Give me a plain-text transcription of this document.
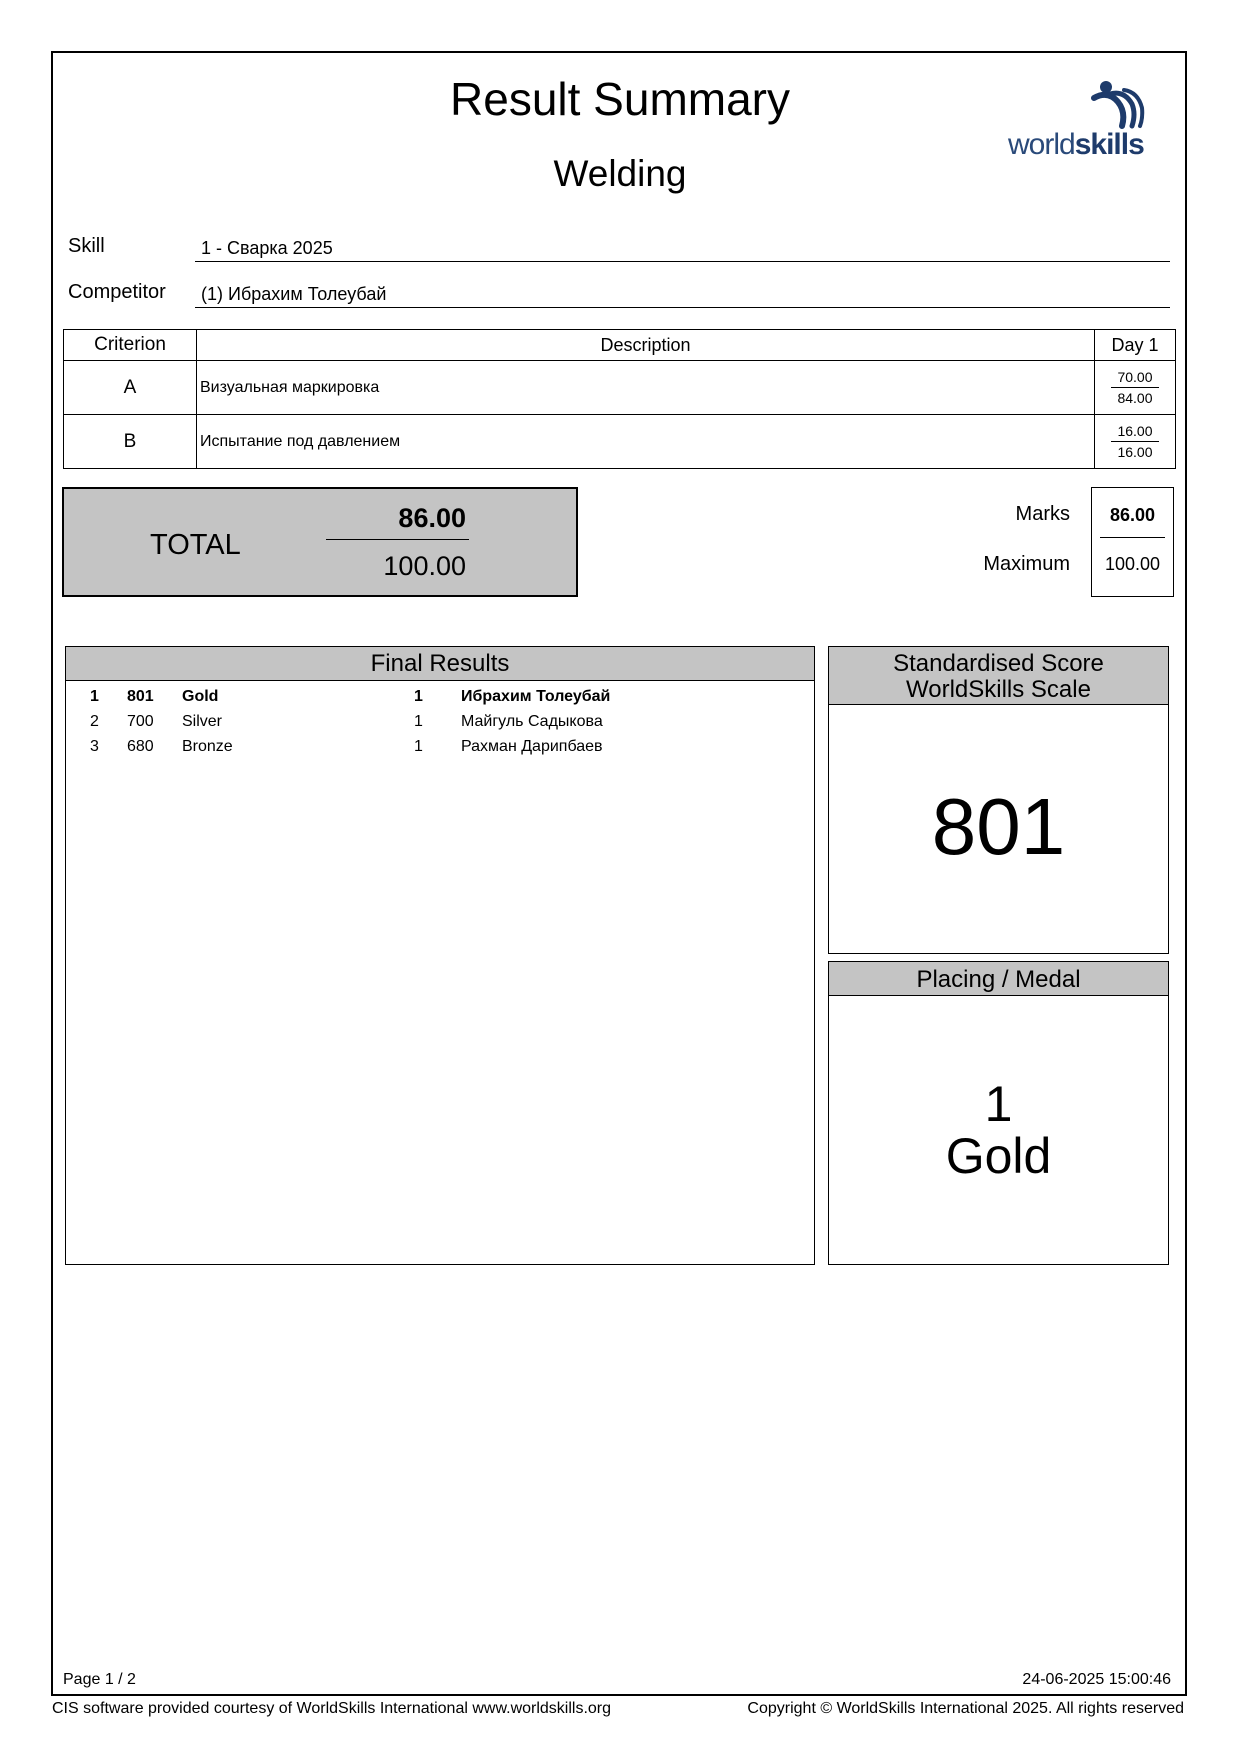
Result Summary
Welding
worldskills
Skill	1 - Сварка 2025
Competitor	(1) Ибрахим Толеубай
Criterion	Description	Day 1
A	Визуальная маркировка	70.00
84.00

B	Испытание под давлением	16.00
16.00
TOTAL
86.00
100.00
Marks
Maximum
86.00
100.00
Final Results
1 801 Gold	1 Ибрахим Толеубай
2 700 Silver	1 Майгуль Садыкова
3 680 Bronze	1 Рахман Дарипбаев
Standardised Score
WorldSkills Scale
801
Placing / Medal
1
Gold
Page 1 / 2	24-06-2025 15:00:46
CIS software provided courtesy of WorldSkills International www.worldskills.org	Copyright © WorldSkills International 2025. All rights reserved
